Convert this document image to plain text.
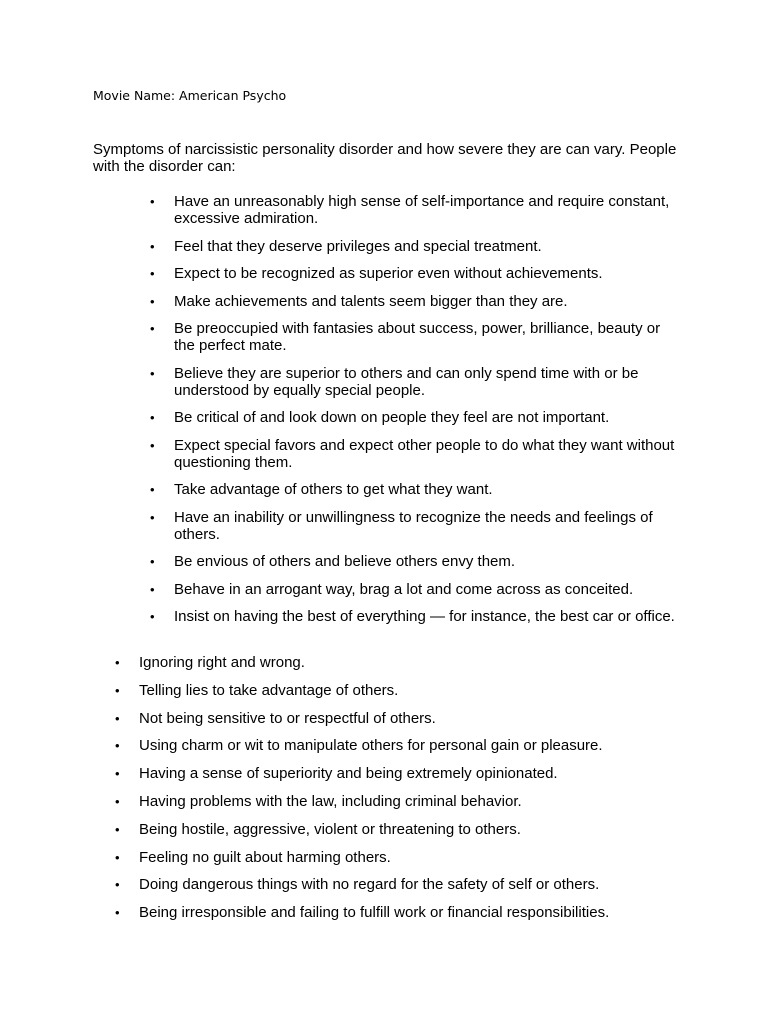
Movie Name: American Psycho

Symptoms of narcissistic personality disorder and how severe they are can vary. People with the disorder can:

• Have an unreasonably high sense of self-importance and require constant, excessive admiration.
• Feel that they deserve privileges and special treatment.
• Expect to be recognized as superior even without achievements.
• Make achievements and talents seem bigger than they are.
• Be preoccupied with fantasies about success, power, brilliance, beauty or the perfect mate.
• Believe they are superior to others and can only spend time with or be understood by equally special people.
• Be critical of and look down on people they feel are not important.
• Expect special favors and expect other people to do what they want without questioning them.
• Take advantage of others to get what they want.
• Have an inability or unwillingness to recognize the needs and feelings of others.
• Be envious of others and believe others envy them.
• Behave in an arrogant way, brag a lot and come across as conceited.
• Insist on having the best of everything — for instance, the best car or office.
• Ignoring right and wrong.
• Telling lies to take advantage of others.
• Not being sensitive to or respectful of others.
• Using charm or wit to manipulate others for personal gain or pleasure.
• Having a sense of superiority and being extremely opinionated.
• Having problems with the law, including criminal behavior.
• Being hostile, aggressive, violent or threatening to others.
• Feeling no guilt about harming others.
• Doing dangerous things with no regard for the safety of self or others.
• Being irresponsible and failing to fulfill work or financial responsibilities.
